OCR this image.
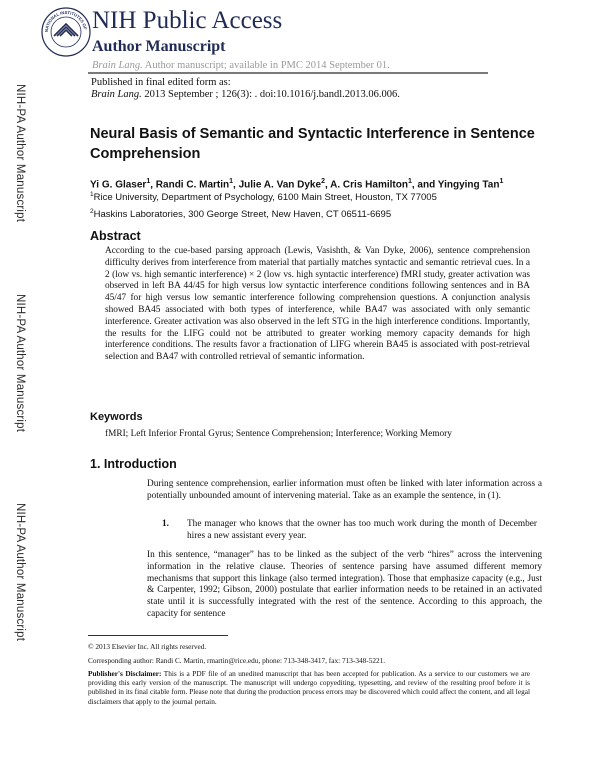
NATIONAL INSTITUTES OF NIH Public Access
Author Manuscript
Brain Lang. Author manuscript; available in PMC 2014 September 01.
NIH-PA Author Manuscript
NIH-PA Author Manuscript
NIH-PA Author Manuscript
Published in final edited form as:
Brain Lang. 2013 September ; 126(3): . doi:10.1016/j.bandl.2013.06.006.
Neural Basis of Semantic and Syntactic Interference in Sentence Comprehension
Yi G. Glaser$^1$, Randi C. Martin$^1$, Julie A. Van Dyke$^2$, A. Cris Hamilton$^1$, and Yingying Tan$^1$
$^1$Rice University, Department of Psychology, 6100 Main Street, Houston, TX 77005
$^2$Haskins Laboratories, 300 George Street, New Haven, CT 06511-6695
Abstract
According to the cue-based parsing approach (Lewis, Vasishth, & Van Dyke, 2006), sentence comprehension difficulty derives from interference from material that partially matches syntactic and semantic retrieval cues. In a 2 (low vs. high semantic interference) × 2 (low vs. high syntactic interference) fMRI study, greater activation was observed in left BA 44/45 for high versus low syntactic interference conditions following sentences and in BA 45/47 for high versus low semantic interference following comprehension questions. A conjunction analysis showed BA45 associated with both types of interference, while BA47 was associated with only semantic interference. Greater activation was also observed in the left STG in the high interference conditions. Importantly, the results for the LIFG could not be attributed to greater working memory capacity demands for high interference conditions. The results favor a fractionation of LIFG wherein BA45 is associated with post-retrieval selection and BA47 with controlled retrieval of semantic information.
Keywords
fMRI; Left Inferior Frontal Gyrus; Sentence Comprehension; Interference; Working Memory
1. Introduction
During sentence comprehension, earlier information must often be linked with later information across a potentially unbounded amount of intervening material. Take as an example the sentence, in (1).
1. The manager who knows that the owner has too much work during the month of December hires a new assistant every year.
In this sentence, “manager” has to be linked as the subject of the verb “hires” across the intervening information in the relative clause. Theories of sentence parsing have assumed different memory mechanisms that support this linkage (also termed integration). Those that emphasize capacity (e.g., Just & Carpenter, 1992; Gibson, 2000) postulate that earlier information needs to be retained in an activated state until it is successfully integrated with the rest of the sentence. According to this approach, the capacity for sentence
© 2013 Elsevier Inc. All rights reserved.
Corresponding author: Randi C. Martin, rmartin@rice.edu, phone: 713-348-3417, fax: 713-348-5221.
Publisher's Disclaimer: This is a PDF file of an unedited manuscript that has been accepted for publication. As a service to our customers we are providing this early version of the manuscript. The manuscript will undergo copyediting, typesetting, and review of the resulting proof before it is published in its final citable form. Please note that during the production process errors may be discovered which could affect the content, and all legal disclaimers that apply to the journal pertain.
